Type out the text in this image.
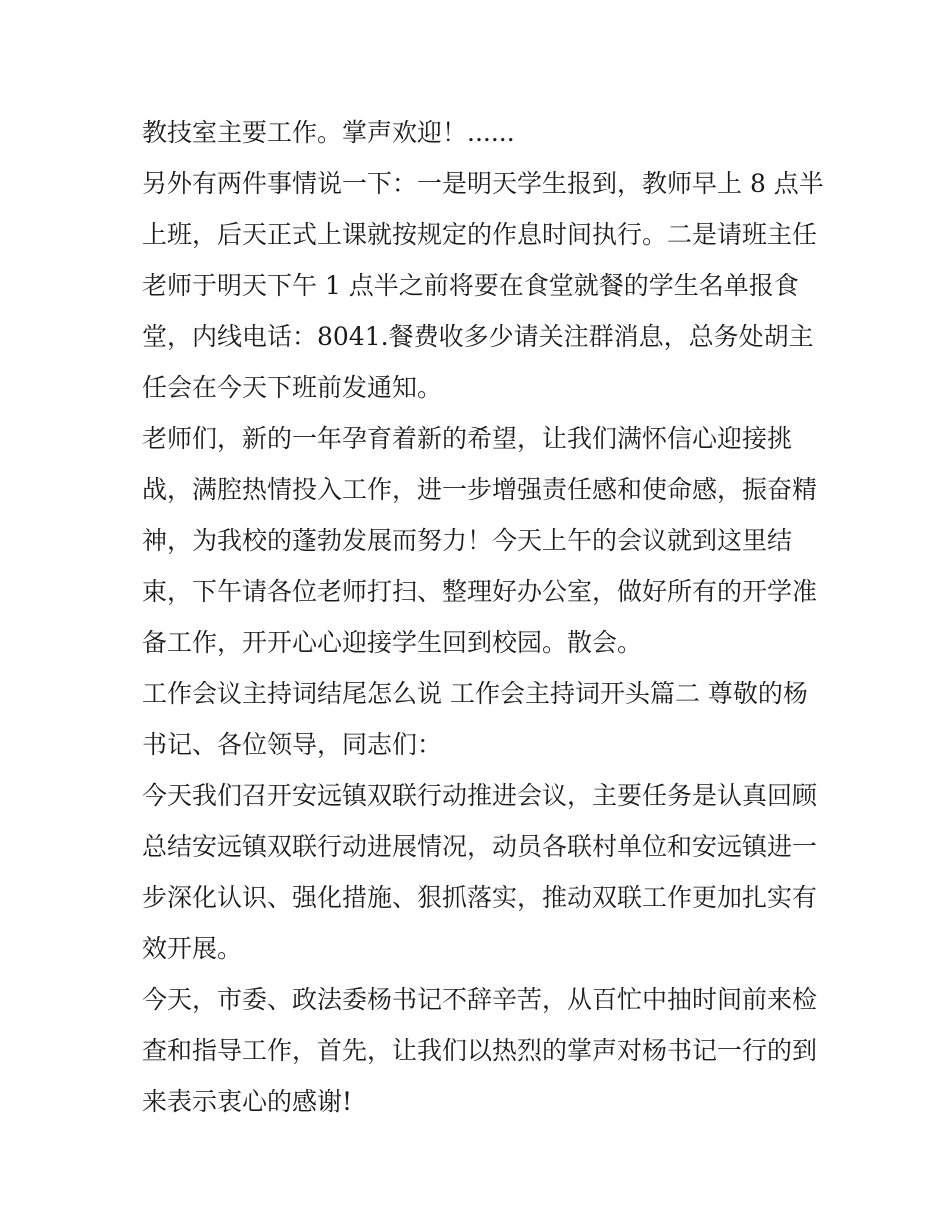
教技室主要工作。掌声欢迎！......
另外有两件事情说一下：一是明天学生报到，教师早上 8 点半
上班，后天正式上课就按规定的作息时间执行。二是请班主任
老师于明天下午 1 点半之前将要在食堂就餐的学生名单报食
堂，内线电话：8041.餐费收多少请关注群消息，总务处胡主
任会在今天下班前发通知。
老师们，新的一年孕育着新的希望，让我们满怀信心迎接挑
战，满腔热情投入工作，进一步增强责任感和使命感，振奋精
神，为我校的蓬勃发展而努力！今天上午的会议就到这里结
束，下午请各位老师打扫、整理好办公室，做好所有的开学准
备工作，开开心心迎接学生回到校园。散会。
工作会议主持词结尾怎么说 工作会主持词开头篇二 尊敬的杨
书记、各位领导，同志们：
今天我们召开安远镇双联行动推进会议，主要任务是认真回顾
总结安远镇双联行动进展情况，动员各联村单位和安远镇进一
步深化认识、强化措施、狠抓落实，推动双联工作更加扎实有
效开展。
今天，市委、政法委杨书记不辞辛苦，从百忙中抽时间前来检
查和指导工作，首先，让我们以热烈的掌声对杨书记一行的到
来表示衷心的感谢!
